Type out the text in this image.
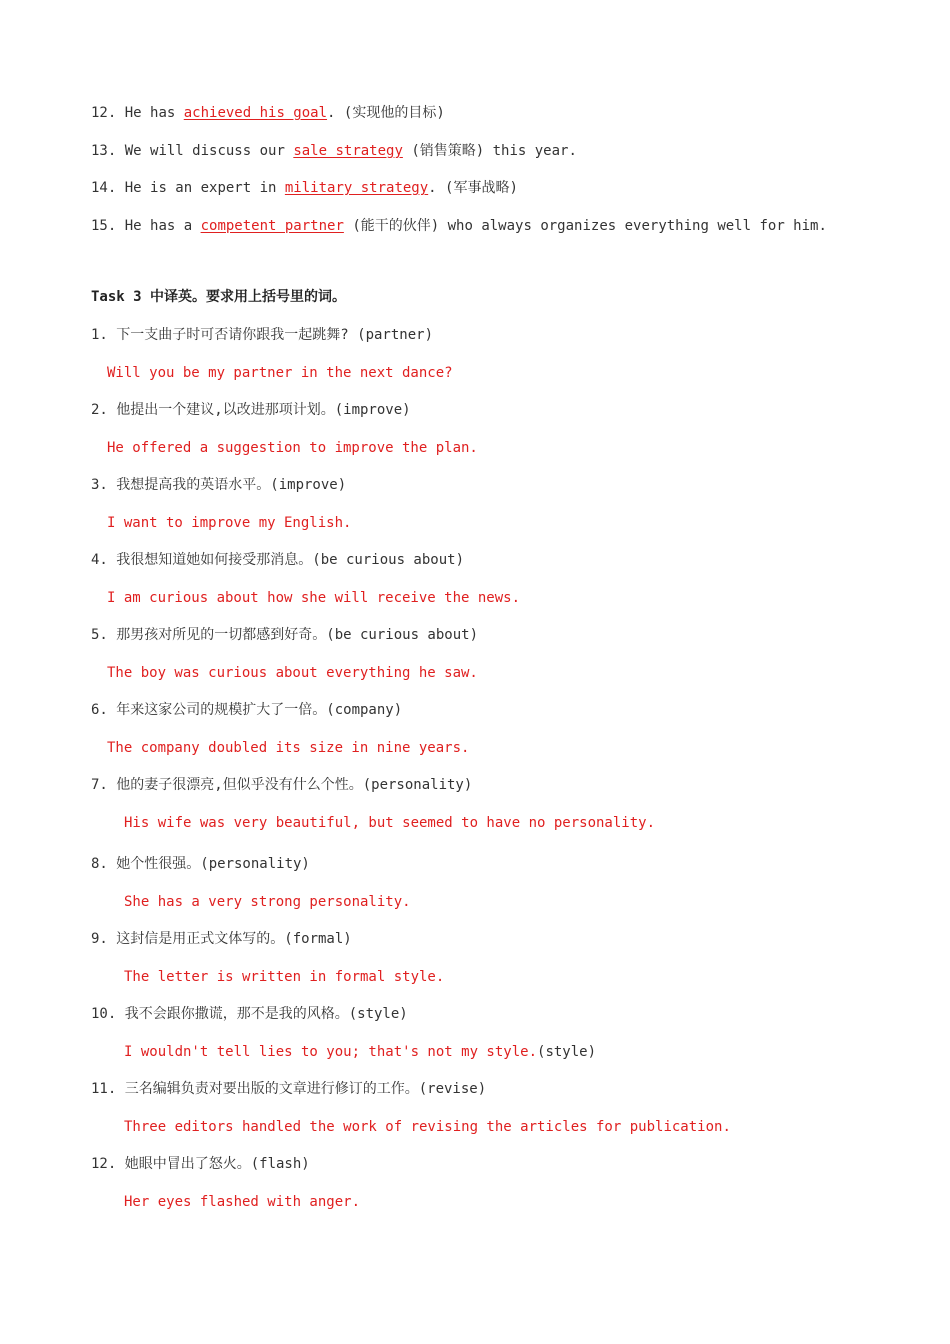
12. He has achieved his goal. (实现他的目标)
13. We will discuss our sale strategy (销售策略) this year.
14. He is an expert in military strategy. (军事战略)
15. He has a competent partner (能干的伙伴) who always organizes everything well for him.
Task 3 中译英。要求用上括号里的词。
1. 下一支曲子时可否请你跟我一起跳舞? (partner)
Will you be my partner in the next dance?
2. 他提出一个建议,以改进那项计划。(improve)
He offered a suggestion to improve the plan.
3. 我想提高我的英语水平。(improve)
I want to improve my English.
4. 我很想知道她如何接受那消息。(be curious about)
I am curious about how she will receive the news.
5. 那男孩对所见的一切都感到好奇。(be curious about)
The boy was curious about everything he saw.
6. 年来这家公司的规模扩大了一倍。(company)
The company doubled its size in nine years.
7. 他的妻子很漂亮,但似乎没有什么个性。(personality)
His wife was very beautiful, but seemed to have no personality.
8. 她个性很强。(personality)
She has a very strong personality.
9. 这封信是用正式文体写的。(formal)
The letter is written in formal style.
10. 我不会跟你撒谎，那不是我的风格。(style)
I wouldn't tell lies to you; that's not my style.(style)
11. 三名编辑负责对要出版的文章进行修订的工作。(revise)
Three editors handled the work of revising the articles for publication.
12. 她眼中冒出了怒火。(flash)
Her eyes flashed with anger.
